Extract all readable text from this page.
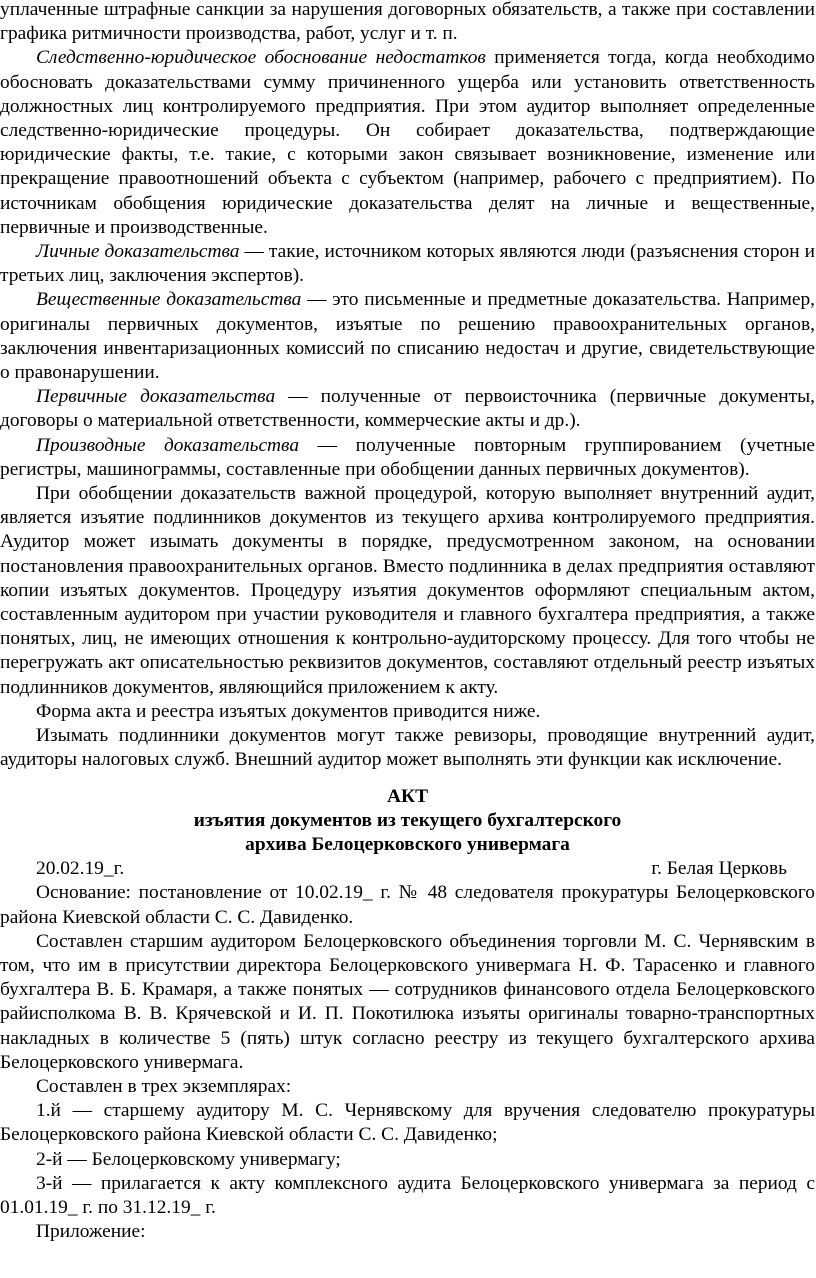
уплаченные штрафные санкции за нарушения договорных обязательств, а также при составлении графика ритмичности производства, работ, услуг и т. п.

Следственно-юридическое обоснование недостатков применяется тогда, когда необходимо обосновать доказательствами сумму причиненного ущерба или установить ответственность должностных лиц контролируемого предприятия. При этом аудитор выполняет определенные следственно-юридические процедуры. Он собирает доказательства, подтверждающие юридические факты, т.е. такие, с которыми закон связывает возникновение, изменение или прекращение правоотношений объекта с субъектом (например, рабочего с предприятием). По источникам обобщения юридические доказательства делят на личные и вещественные, первичные и производственные.

Личные доказательства — такие, источником которых являются люди (разъяснения сторон и третьих лиц, заключения экспертов).

Вещественные доказательства — это письменные и предметные доказательства. Например, оригиналы первичных документов, изъятые по решению правоохранительных органов, заключения инвентаризационных комиссий по списанию недостач и другие, свидетельствующие о правонарушении.

Первичные доказательства — полученные от первоисточника (первичные документы, договоры о материальной ответственности, коммерческие акты и др.).

Производные доказательства — полученные повторным группированием (учетные регистры, машинограммы, составленные при обобщении данных первичных документов).

При обобщении доказательств важной процедурой, которую выполняет внутренний аудит, является изъятие подлинников документов из текущего архива контролируемого предприятия. Аудитор может изымать документы в порядке, предусмотренном законом, на основании постановления правоохранительных органов. Вместо подлинника в делах предприятия оставляют копии изъятых документов. Процедуру изъятия документов оформляют специальным актом, составленным аудитором при участии руководителя и главного бухгалтера предприятия, а также понятых, лиц, не имеющих отношения к контрольно-аудиторскому процессу. Для того чтобы не перегружать акт описательностью реквизитов документов, составляют отдельный реестр изъятых подлинников документов, являющийся приложением к акту.

Форма акта и реестра изъятых документов приводится ниже.

Изымать подлинники документов могут также ревизоры, проводящие внутренний аудит, аудиторы налоговых служб. Внешний аудитор может выполнять эти функции как исключение.

АКТ

изъятия документов из текущего бухгалтерского

архива Белоцерковского универмага

20.02.19_г.	г. Белая Церковь

Основание: постановление от 10.02.19_ г. № 48 следователя прокуратуры Белоцерковского района Киевской области С. С. Давиденко.

Составлен старшим аудитором Белоцерковского объединения торговли М. С. Чернявским в том, что им в присутствии директора Белоцерковского универмага Н. Ф. Тарасенко и главного бухгалтера В. Б. Крамаря, а также понятых — сотрудников финансового отдела Белоцерковского райисполкома В. В. Крячевской и И. П. Покотилюка изъяты оригиналы товарно-транспортных накладных в количестве 5 (пять) штук согласно реестру из текущего бухгалтерского архива Белоцерковского универмага.

Составлен в трех экземплярах:

1.й — старшему аудитору М. С. Чернявскому для вручения следователю прокуратуры Белоцерковского района Киевской области С. С. Давиденко;

2-й — Белоцерковскому универмагу;

3-й — прилагается к акту комплексного аудита Белоцерковского универмага за период с 01.01.19_ г. по 31.12.19_ г.

Приложение:
